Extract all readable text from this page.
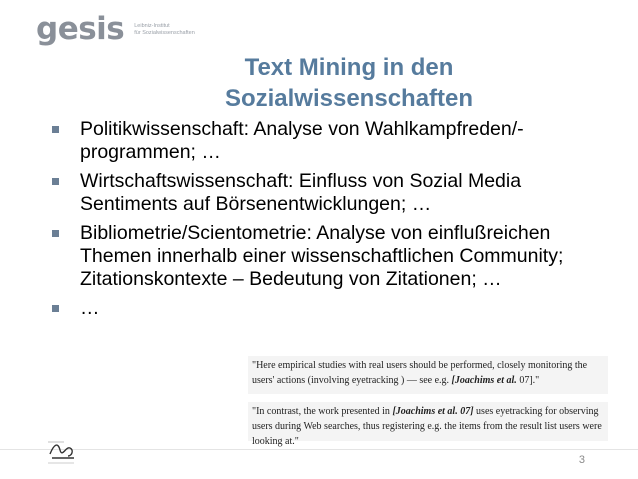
gesis Leibniz-Institut
für Sozialwissenschaften
Text Mining in den
Sozialwissenschaften
Politikwissenschaft: Analyse von Wahlkampfreden/-programmen; …
Wirtschaftswissenschaft: Einfluss von Sozial Media Sentiments auf Börsenentwicklungen; …
Bibliometrie/Scientometrie: Analyse von einflußreichen Themen innerhalb einer wissenschaftlichen Community; Zitationskontexte – Bedeutung von Zitationen; …
…
"Here empirical studies with real users should be performed, closely monitoring the users' actions (involving eyetracking ) — see e.g. [Joachims et al. 07]."
"In contrast, the work presented in [Joachims et al. 07] uses eyetracking for observing users during Web searches, thus registering e.g. the items from the result list users were looking at."
3
